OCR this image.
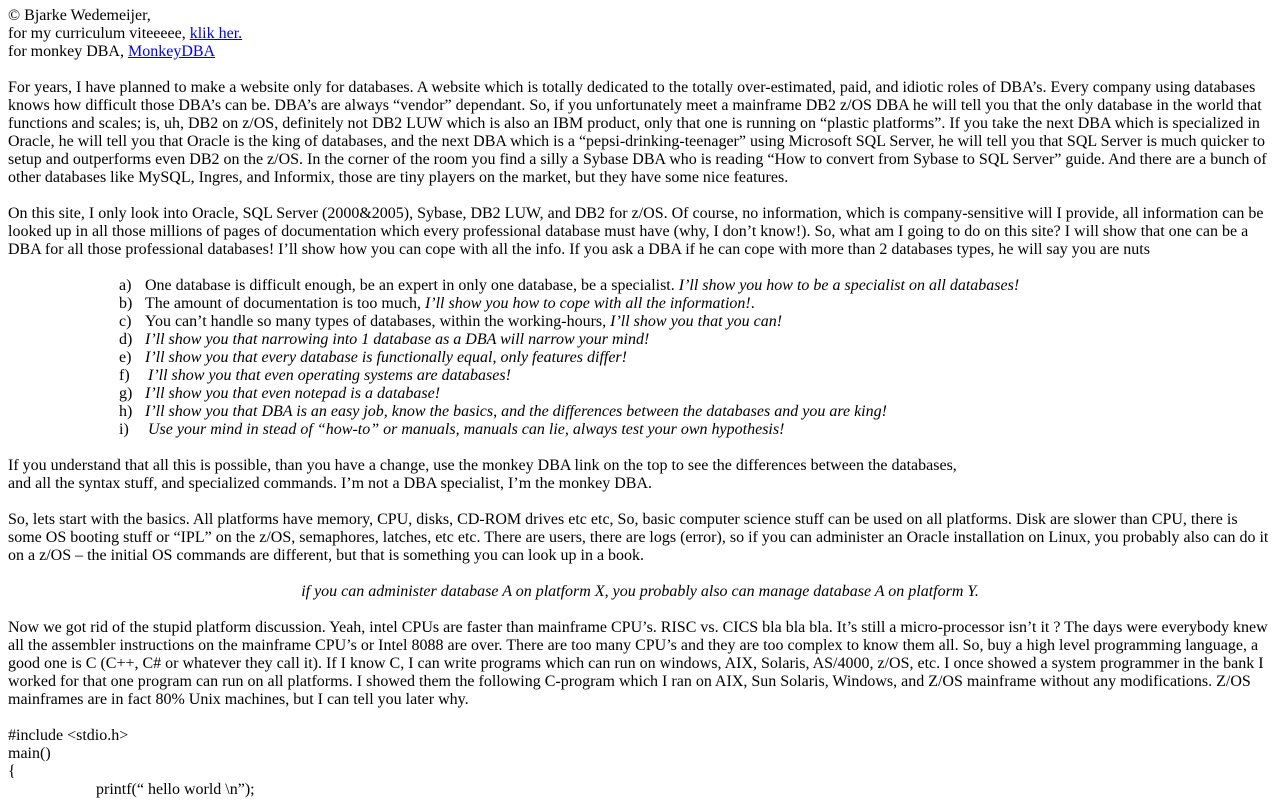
© Bjarke Wedemeijer,
for my curriculum viteeeee, klik her.
for monkey DBA, MonkeyDBA

For years, I have planned to make a website only for databases. A website which is totally dedicated to the totally over-estimated, paid, and idiotic roles of DBA’s. Every company using databases knows how difficult those DBA’s can be. DBA’s are always “vendor” dependant. So, if you unfortunately meet a mainframe DB2 z/OS DBA he will tell you that the only database in the world that functions and scales; is, uh, DB2 on z/OS, definitely not DB2 LUW which is also an IBM product, only that one is running on “plastic platforms”. If you take the next DBA which is specialized in Oracle, he will tell you that Oracle is the king of databases, and the next DBA which is a “pepsi-drinking-teenager” using Microsoft SQL Server, he will tell you that SQL Server is much quicker to setup and outperforms even DB2 on the z/OS. In the corner of the room you find a silly a Sybase DBA who is reading “How to convert from Sybase to SQL Server” guide. And there are a bunch of other databases like MySQL, Ingres, and Informix, those are tiny players on the market, but they have some nice features.

On this site, I only look into Oracle, SQL Server (2000&2005), Sybase, DB2 LUW, and DB2 for z/OS. Of course, no information, which is company-sensitive will I provide, all information can be looked up in all those millions of pages of documentation which every professional database must have (why, I don’t know!). So, what am I going to do on this site? I will show that one can be a DBA for all those professional databases! I’ll show how you can cope with all the info. If you ask a DBA if he can cope with more than 2 databases types, he will say you are nuts

a) One database is difficult enough, be an expert in only one database, be a specialist. I’ll show you how to be a specialist on all databases!
b) The amount of documentation is too much, I’ll show you how to cope with all the information!.
c) You can’t handle so many types of databases, within the working-hours, I’ll show you that you can!
d) I’ll show you that narrowing into 1 database as a DBA will narrow your mind!
e) I’ll show you that every database is functionally equal, only features differ!
f)	I’ll show you that even operating systems are databases!
g) I’ll show you that even notepad is a database!
h) I’ll show you that DBA is an easy job, know the basics, and the differences between the databases and you are king!
i)	Use your mind in stead of “how-to” or manuals, manuals can lie, always test your own hypothesis!

If you understand that all this is possible, than you have a change, use the monkey DBA link on the top to see the differences between the databases,
and all the syntax stuff, and specialized commands. I’m not a DBA specialist, I’m the monkey DBA.

So, lets start with the basics. All platforms have memory, CPU, disks, CD-ROM drives etc etc, So, basic computer science stuff can be used on all platforms. Disk are slower than CPU, there is some OS booting stuff or “IPL” on the z/OS, semaphores, latches, etc etc. There are users, there are logs (error), so if you can administer an Oracle installation on Linux, you probably also can do it on a z/OS – the initial OS commands are different, but that is something you can look up in a book.

if you can administer database A on platform X, you probably also can manage database A on platform Y.

Now we got rid of the stupid platform discussion. Yeah, intel CPUs are faster than mainframe CPU’s. RISC vs. CICS bla bla bla. It’s still a micro-processor isn’t it ? The days were everybody knew all the assembler instructions on the mainframe CPU’s or Intel 8088 are over. There are too many CPU’s and they are too complex to know them all. So, buy a high level programming language, a good one is C (C++, C# or whatever they call it). If I know C, I can write programs which can run on windows, AIX, Solaris, AS/4000, z/OS, etc. I once showed a system programmer in the bank I worked for that one program can run on all platforms. I showed them the following C-program which I ran on AIX, Sun Solaris, Windows, and Z/OS mainframe without any modifications. Z/OS mainframes are in fact 80% Unix machines, but I can tell you later why.

#include <stdio.h>
main()
{
printf(“ hello world \n”);
